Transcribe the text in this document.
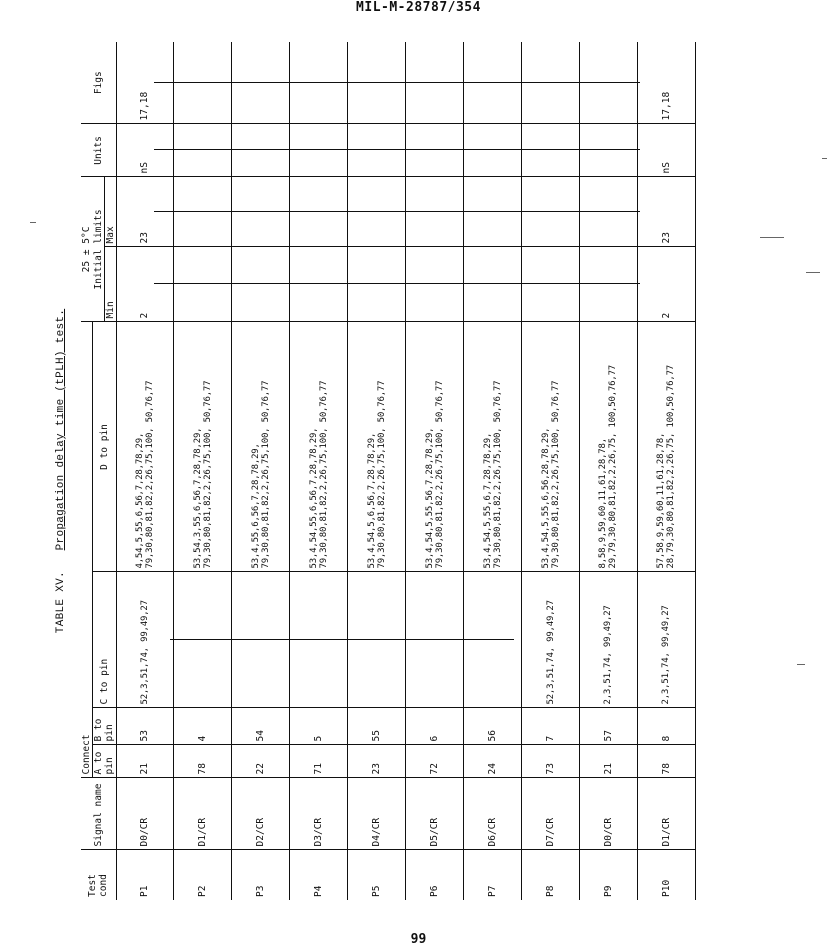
MIL-M-28787/354
TABLE XV.   Propagation delay time (tPLH) test.
Test cond	Signal name	Connect				25 ± 5°C		Units	Figs
		A to pin	B to pin	C to pin	D to pin	Initial limits			
						Min	Max		
P1	D0/CR	21	53	52,3,51,74, 99,49,27	4,54,5,55,6,56,7,28,78,29, 79,30,80,81,82,2,26,75,100, 50,76,77	2	23	nS	17,18
P2	D1/CR	78	4		53,54,3,55,6,56,7,28,78,29, 79,30,80,81,82,2,26,75,100, 50,76,77	

P3	D2/CR	22	54		53,4,55,6,56,7,28,78,29, 79,30,80,81,82,2,26,75,100, 50,76,77	

P4	D3/CR	71	5		53,4,54,55,6,56,7,28,78,29, 79,30,80,81,82,2,26,75,100, 50,76,77	

P5	D4/CR	23	55		53,4,54,5,6,56,7,28,78,29, 79,30,80,81,82,2,26,75,100, 50,76,77	

P6	D5/CR	72	6		53,4,54,5,55,56,7,28,78,29, 79,30,80,81,82,2,26,75,100, 50,76,77	

P7	D6/CR	24	56		53,4,54,5,55,6,7,28,78,29, 79,30,80,81,82,2,26,75,100, 50,76,77	

P8	D7/CR	73	7	52,3,51,74, 99,49,27	53,4,54,5,55,6,56,28,78,29, 79,30,80,81,82,2,26,75,100, 50,76,77	

P9	D0/CR	21	57	2,3,51,74, 99,49,27	8,58,9,59,60,11,61,28,78, 29,79,30,80,81,82,2,26,75, 100,50,76,77	

P10	D1/CR	78	8	2,3,51,74, 99,49,27	57,58,9,59,60,11,61,28,78, 28,79,30,80,81,82,2,26,75, 100,50,76,77	2	23	nS	17,18
99
